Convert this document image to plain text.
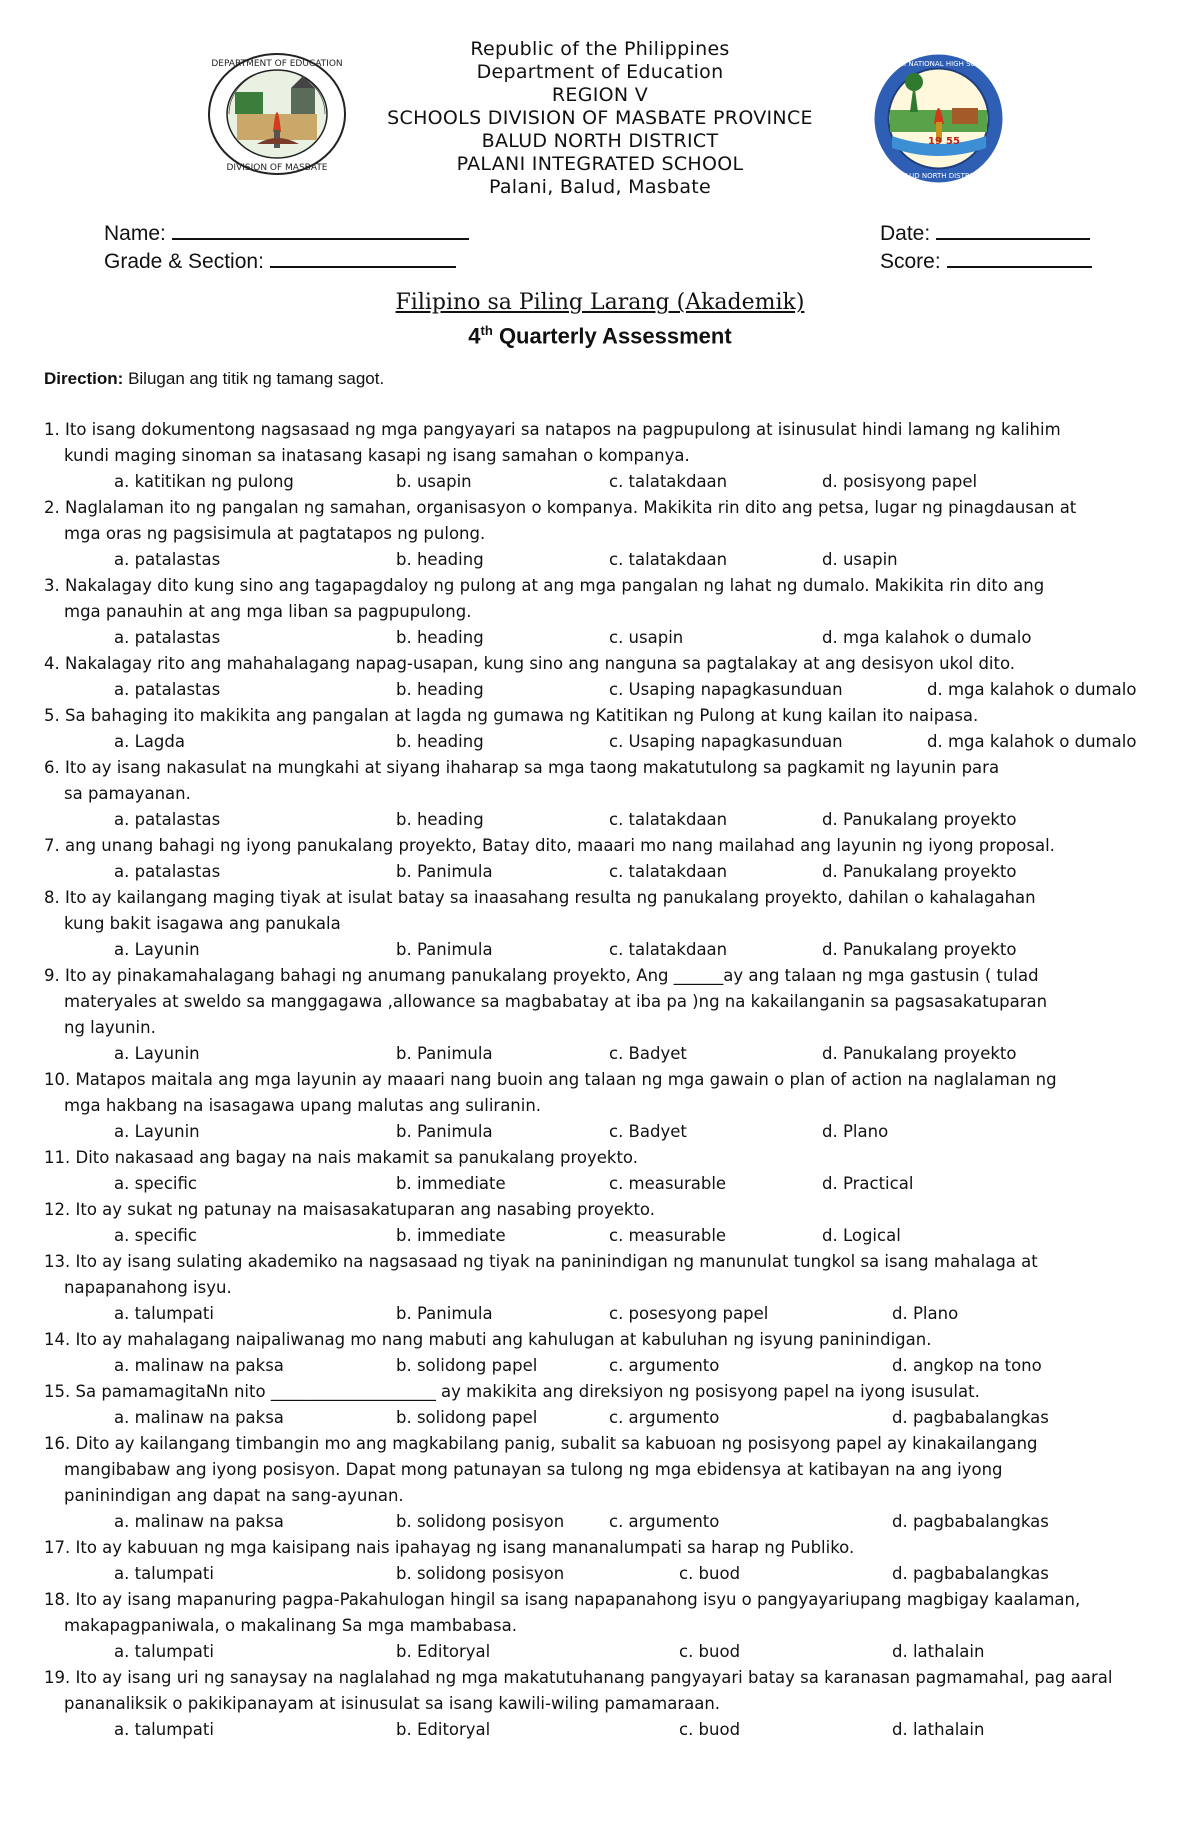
DEPARTMENT OF EDUCATION
DIVISION OF MASBATE
19 55
PALANI NATIONAL HIGH SCHOOL
BALUD NORTH DISTRICT
Republic of the Philippines
Department of Education
REGION V
SCHOOLS DIVISION OF MASBATE PROVINCE
BALUD NORTH DISTRICT
PALANI INTEGRATED SCHOOL
Palani, Balud, Masbate
Name:
Grade & Section:
Date:
Score:
Filipino sa Piling Larang (Akademik)
4th Quarterly Assessment
Direction: Bilugan ang titik ng tamang sagot.
1. Ito isang dokumentong nagsasaad ng mga pangyayari sa natapos na pagpupulong at isinusulat hindi lamang ng kalihim
kundi maging sinoman sa inatasang kasapi ng isang samahan o kompanya.
a. katitikan ng pulong	b. usapin	c. talatakdaan	d. posisyong papel
2. Naglalaman ito ng pangalan ng samahan, organisasyon o kompanya. Makikita rin dito ang petsa, lugar ng pinagdausan at
mga oras ng pagsisimula at pagtatapos ng pulong.
a. patalastas	b. heading	c. talatakdaan	d. usapin
3. Nakalagay dito kung sino ang tagapagdaloy ng pulong at ang mga pangalan ng lahat ng dumalo. Makikita rin dito ang
mga panauhin at ang mga liban sa pagpupulong.
a. patalastas	b. heading	c. usapin	d. mga kalahok o dumalo
4. Nakalagay rito ang mahahalagang napag-usapan, kung sino ang nanguna sa pagtalakay at ang desisyon ukol dito.
a. patalastas	b. heading	c. Usaping napagkasunduan	d. mga kalahok o dumalo
5. Sa bahaging ito makikita ang pangalan at lagda ng gumawa ng Katitikan ng Pulong at kung kailan ito naipasa.
a. Lagda	b. heading	c. Usaping napagkasunduan	d. mga kalahok o dumalo
6. Ito ay isang nakasulat na mungkahi at siyang ihaharap sa mga taong makatutulong sa pagkamit ng layunin para
sa pamayanan.
a. patalastas	b. heading	c. talatakdaan	d. Panukalang proyekto
7. ang unang bahagi ng iyong panukalang proyekto, Batay dito, maaari mo nang mailahad ang layunin ng iyong proposal.
a. patalastas	b. Panimula	c. talatakdaan	d. Panukalang proyekto
8. Ito ay kailangang maging tiyak at isulat batay sa inaasahang resulta ng panukalang proyekto, dahilan o kahalagahan
kung bakit isagawa ang panukala
a. Layunin	b. Panimula	c. talatakdaan	d. Panukalang proyekto
9. Ito ay pinakamahalagang bahagi ng anumang panukalang proyekto, Ang ______ay ang talaan ng mga gastusin ( tulad
materyales at sweldo sa manggagawa ,allowance sa magbabatay at iba pa )ng na kakailanganin sa pagsasakatuparan
ng layunin.
a. Layunin	b. Panimula	c. Badyet	d. Panukalang proyekto
10. Matapos maitala ang mga layunin ay maaari nang buoin ang talaan ng mga gawain o plan of action na naglalaman ng
mga hakbang na isasagawa upang malutas ang suliranin.
a. Layunin	b. Panimula	c. Badyet	d. Plano
11. Dito nakasaad ang bagay na nais makamit sa panukalang proyekto.
a. specific	b. immediate	c. measurable	d. Practical
12. Ito ay sukat ng patunay na maisasakatuparan ang nasabing proyekto.
a. specific	b. immediate	c. measurable	d. Logical
13. Ito ay isang sulating akademiko na nagsasaad ng tiyak na paninindigan ng manunulat tungkol sa isang mahalaga at
napapanahong isyu.
a. talumpati	b. Panimula	c. posesyong papel	d. Plano
14. Ito ay mahalagang naipaliwanag mo nang mabuti ang kahulugan at kabuluhan ng isyung paninindigan.
a. malinaw na paksa	b. solidong papel	c. argumento	d. angkop na tono
15. Sa pamamagitaNn nito ____________________ ay makikita ang direksiyon ng posisyong papel na iyong isusulat.
a. malinaw na paksa	b. solidong papel	c. argumento	d. pagbabalangkas
16. Dito ay kailangang timbangin mo ang magkabilang panig, subalit sa kabuoan ng posisyong papel ay kinakailangang
mangibabaw ang iyong posisyon. Dapat mong patunayan sa tulong ng mga ebidensya at katibayan na ang iyong
paninindigan ang dapat na sang-ayunan.
a. malinaw na paksa	b. solidong posisyon	c. argumento	d. pagbabalangkas
17. Ito ay kabuuan ng mga kaisipang nais ipahayag ng isang mananalumpati sa harap ng Publiko.
a. talumpati	b. solidong posisyon	c. buod	d. pagbabalangkas
18. Ito ay isang mapanuring pagpa-Pakahulogan hingil sa isang napapanahong isyu o pangyayariupang magbigay kaalaman,
makapagpaniwala, o makalinang Sa mga mambabasa.
a. talumpati	b. Editoryal	c. buod	d. lathalain
19. Ito ay isang uri ng sanaysay na naglalahad ng mga makatutuhanang pangyayari batay sa karanasan pagmamahal, pag aaral
pananaliksik o pakikipanayam at isinusulat sa isang kawili-wiling pamamaraan.
a. talumpati	b. Editoryal	c. buod	d. lathalain
